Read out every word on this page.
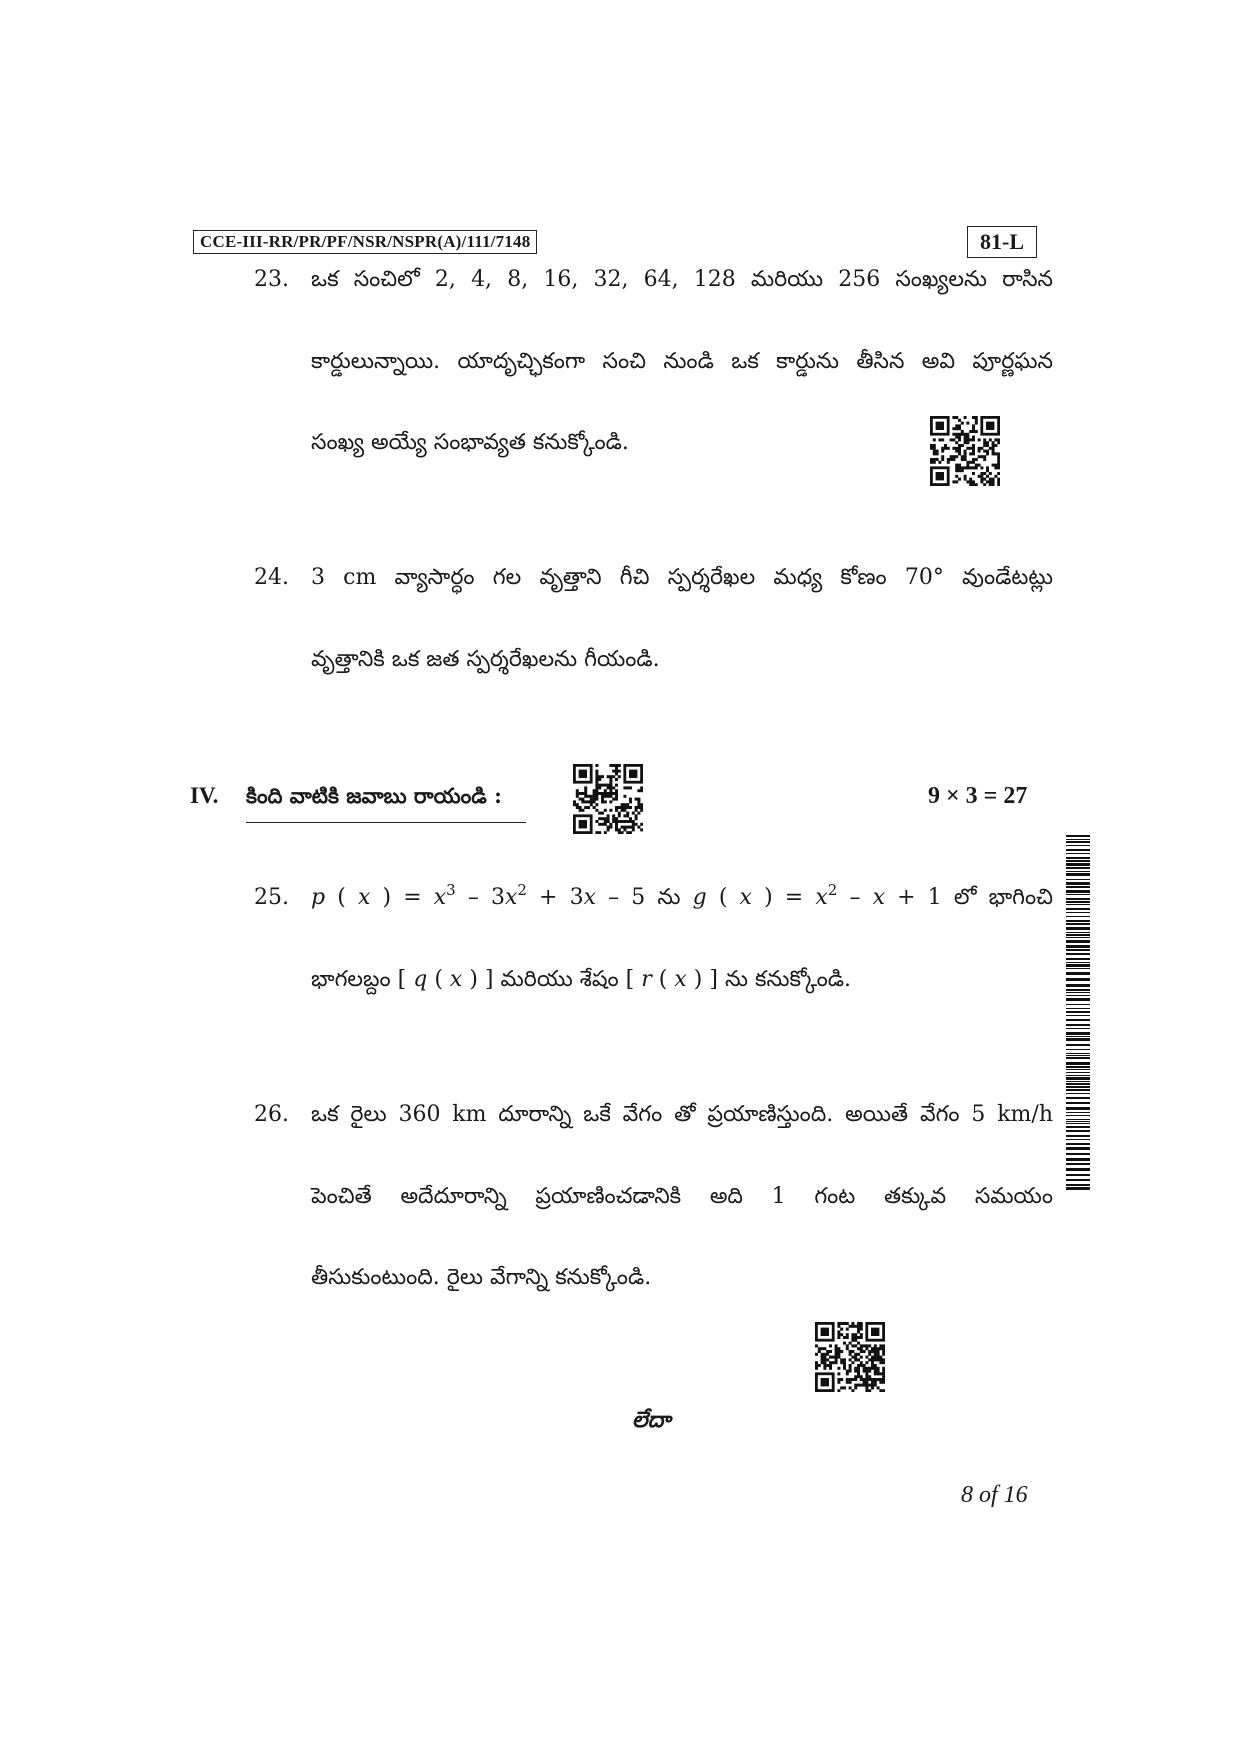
CCE-III-RR/PR/PF/NSR/NSPR(A)/111/7148	81-L
23. ఒక సంచిలో 2, 4, 8, 16, 32, 64, 128 మరియు 256 సంఖ్యలను రాసిన
కార్డులున్నాయి. యాదృచ్ఛికంగా సంచి నుండి ఒక కార్డును తీసిన అవి పూర్ణఘన
సంఖ్య అయ్యే సంభావ్యత కనుక్కోండి.
24. 3 cm వ్యాసార్ధం గల వృత్తాని గీచి స్పర్శరేఖల మధ్య కోణం 70° వుండేటట్లు
వృత్తానికి ఒక జత స్పర్శరేఖలను గీయండి.
IV. కింది వాటికి జవాబు రాయండి :	9 × 3 = 27
25. p ( x ) = $x^3 - 3x^2 + 3x - 5$ ను g ( x ) = $x^2 - x + 1$ లో భాగించి
భాగలబ్దం [ q ( x ) ] మరియు శేషం [ r ( x ) ] ను కనుక్కోండి.
26. ఒక రైలు 360 km దూరాన్ని ఒకే వేగం తో ప్రయాణిస్తుంది. అయితే వేగం 5 km/h
పెంచితే అదేదూరాన్ని ప్రయాణించడానికి అది 1 గంట తక్కువ సమయం
తీసుకుంటుంది. రైలు వేగాన్ని కనుక్కోండి.
లేదా
8 of 16
